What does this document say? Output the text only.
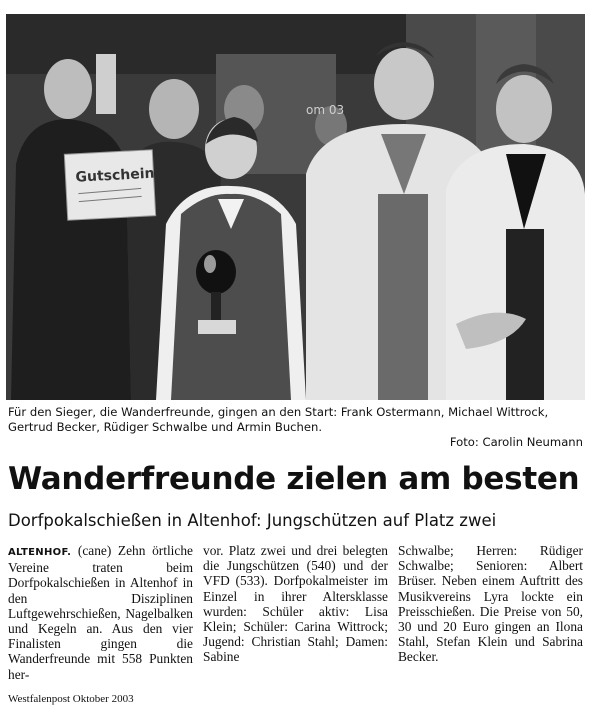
Gutschein
om 03
Für den Sieger, die Wanderfreunde, gingen an den Start: Frank Ostermann, Michael Wittrock, Gertrud Becker, Rüdiger Schwalbe und Armin Buchen.
Foto: Carolin Neumann
Wanderfreunde zielen am besten
Dorfpokalschießen in Altenhof: Jungschützen auf Platz zwei
ALTENHOF. (cane) Zehn örtliche Vereine traten beim Dorfpokalschießen in Altenhof in den Disziplinen Luftgewehrschießen, Nagelbalken und Kegeln an. Aus den vier Finalisten gingen die Wanderfreunde mit 558 Punkten her-
vor. Platz zwei und drei belegten die Jungschützen (540) und der VFD (533). Dorfpokalmeister im Einzel in ihrer Altersklasse wurden: Schüler aktiv: Lisa Klein; Schüler: Carina Wittrock; Jugend: Christian Stahl; Damen: Sabine
Schwalbe; Herren: Rüdiger Schwalbe; Senioren: Albert Brüser. Neben einem Auftritt des Musikvereins Lyra lockte ein Preisschießen. Die Preise von 50, 30 und 20 Euro gingen an Ilona Stahl, Stefan Klein und Sabrina Becker.
Westfalenpost Oktober 2003
